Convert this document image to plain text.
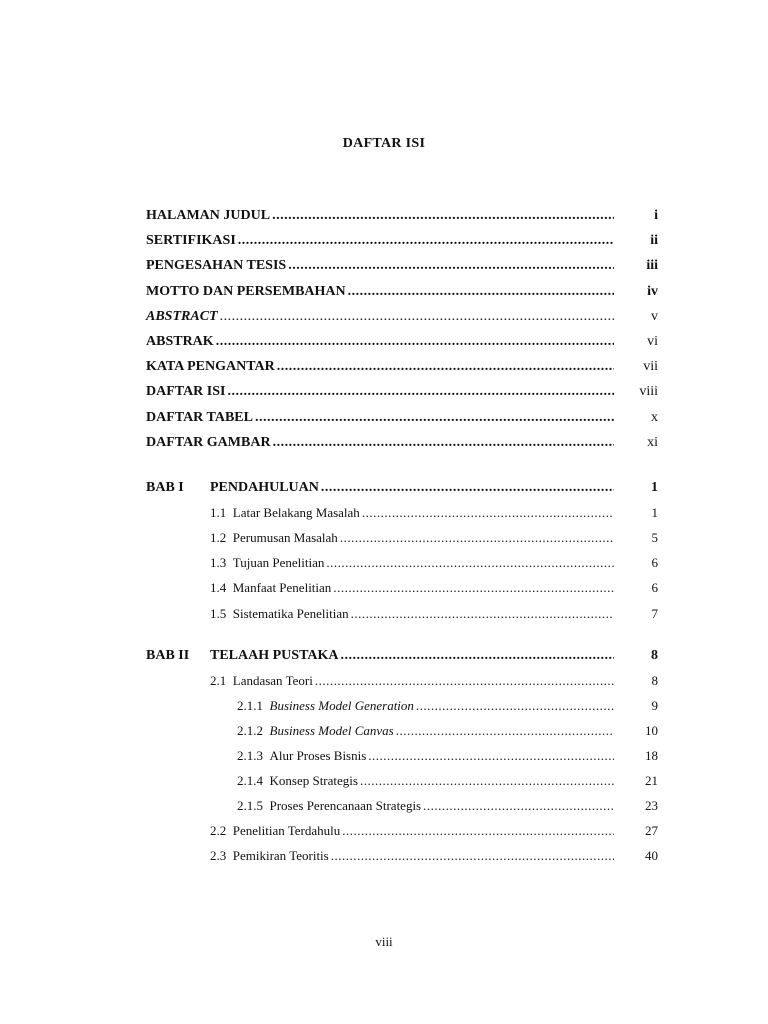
DAFTAR ISI
HALAMAN JUDUL .....	i
SERTIFIKASI .....	ii
PENGESAHAN TESIS .....	iii
MOTTO DAN PERSEMBAHAN .....	iv
ABSTRACT .....	v
ABSTRAK .....	vi
KATA PENGANTAR .....	vii
DAFTAR ISI .....	viii
DAFTAR TABEL .....	x
DAFTAR GAMBAR .....	xi
BAB I PENDAHULUAN .....	1
1.1 Latar Belakang Masalah .....	1
1.2 Perumusan Masalah .....	5
1.3 Tujuan Penelitian .....	6
1.4 Manfaat Penelitian .....	6
1.5 Sistematika Penelitian .....	7
BAB II TELAAH PUSTAKA .....	8
2.1 Landasan Teori .....	8
2.1.1 Business Model Generation .....	9
2.1.2 Business Model Canvas .....	10
2.1.3 Alur Proses Bisnis .....	18
2.1.4 Konsep Strategis .....	21
2.1.5 Proses Perencanaan Strategis .....	23
2.2 Penelitian Terdahulu .....	27
2.3 Pemikiran Teoritis .....	40
viii
